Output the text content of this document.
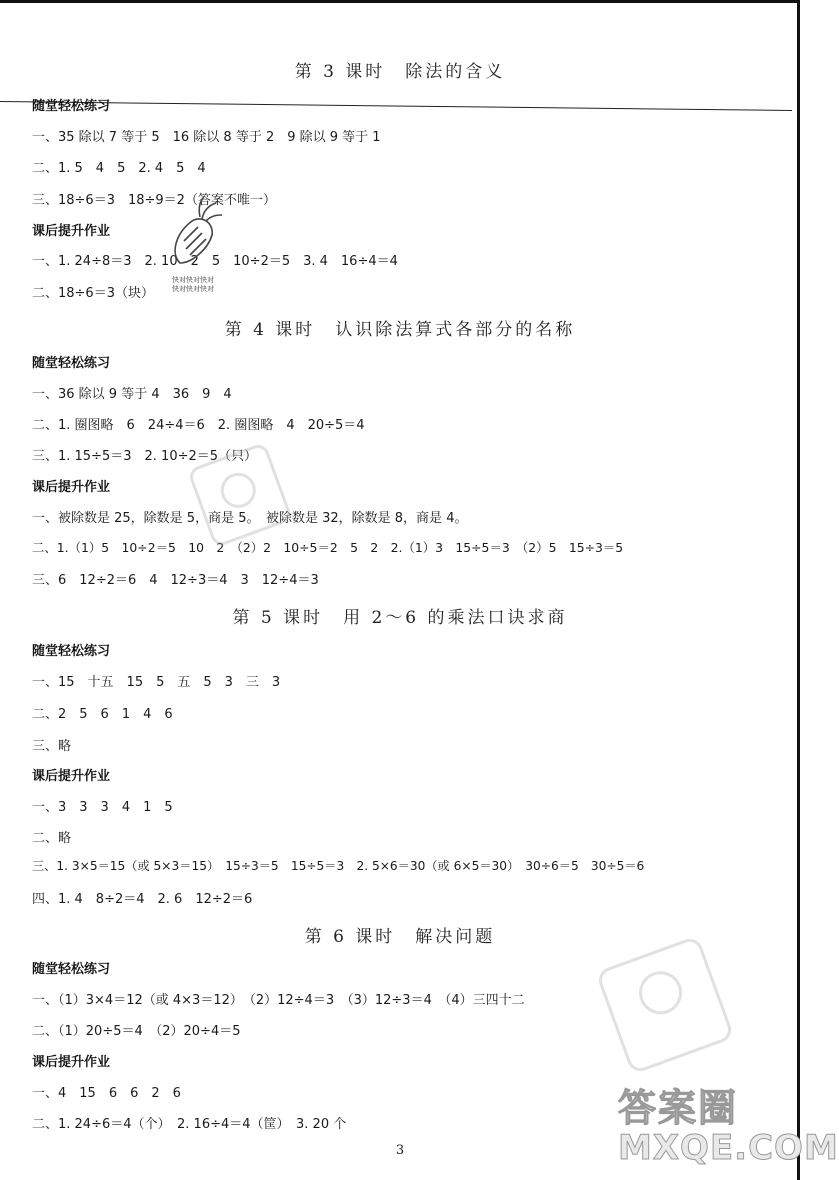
第 3 课时　除法的含义
随堂轻松练习
一、35 除以 7 等于 5　16 除以 8 等于 2　9 除以 9 等于 1
二、1. 5　4　5　2. 4　5　4
三、18÷6＝3　18÷9＝2（答案不唯一）
课后提升作业
一、1. 24÷8＝3　2. 10　2　5　10÷2＝5　3. 4　16÷4＝4
二、18÷6＝3（块）
快对快对快对
快对快对快对
第 4 课时　认识除法算式各部分的名称
随堂轻松练习
一、36 除以 9 等于 4　36　9　4
二、1. 圈图略　6　24÷4＝6　2. 圈图略　4　20÷5＝4
三、1. 15÷5＝3　2. 10÷2＝5（只）
课后提升作业
一、被除数是 25，除数是 5，商是 5。　被除数是 32，除数是 8，商是 4。
二、1.（1）5　10÷2＝5　10　2　（2）2　10÷5＝2　5　2　2.（1）3　15÷5＝3　（2）5　15÷3＝5
三、6　12÷2＝6　4　12÷3＝4　3　12÷4＝3
第 5 课时　用 2～6 的乘法口诀求商
随堂轻松练习
一、15　十五　15　5　五　5　3　三　3
二、2　5　6　1　4　6
三、略
课后提升作业
一、3　3　3　4　1　5
二、略
三、1. 3×5＝15（或 5×3＝15）　15÷3＝5　15÷5＝3　2. 5×6＝30（或 6×5＝30）　30÷6＝5　30÷5＝6
四、1. 4　8÷2＝4　2. 6　12÷2＝6
第 6 课时　解决问题
随堂轻松练习
一、（1）3×4＝12（或 4×3＝12）　（2）12÷4＝3　（3）12÷3＝4　（4）三四十二
二、（1）20÷5＝4　（2）20÷4＝5
课后提升作业
一、4　15　6　6　2　6
二、1. 24÷6＝4（个）　2. 16÷4＝4（筐）　3. 20 个
3
答案圈
MXQE.COM
